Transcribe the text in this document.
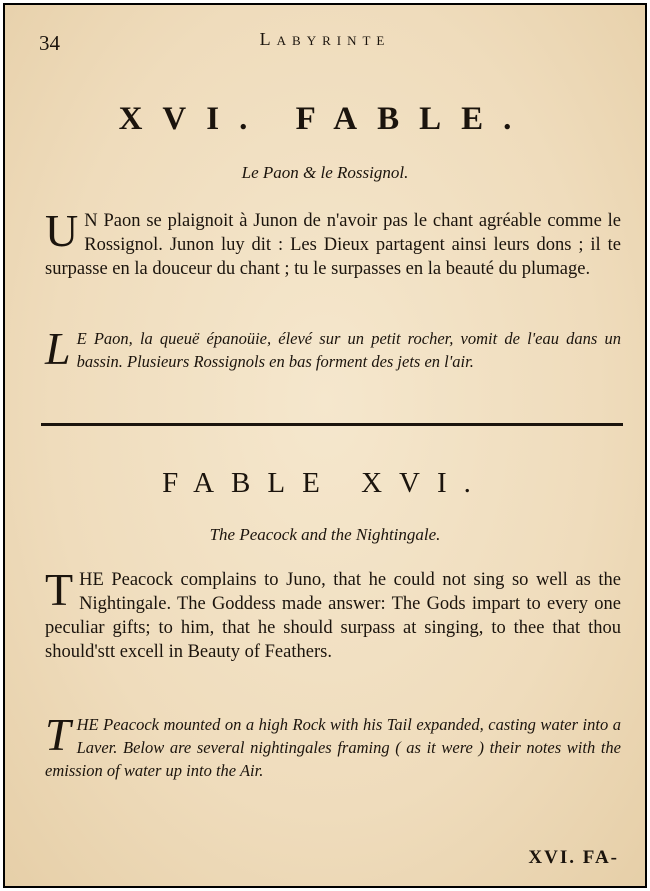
34	Labyrinte
XVI. FABLE.
Le Paon & le Rossignol.
U N Paon se plaignoit à Junon de n'avoir pas le chant agréable comme le Rossignol. Junon luy dit : Les Dieux partagent ainsi leurs dons ; il te surpasse en la douceur du chant ; tu le surpasses en la beauté du plumage.
L E Paon, la queuë épanoüie, élevé sur un petit rocher, vomit de l'eau dans un bassin. Plusieurs Rossignols en bas forment des jets en l'air.
FABLE XVI.
The Peacock and the Nightingale.
THE Peacock complains to Juno, that he could not sing so well as the Nightingale. The Goddess made answer: The Gods impart to every one peculiar gifts; to him, that he should surpass at singing, to thee that thou should'stt excell in Beauty of Feathers.
THE Peacock mounted on a high Rock with his Tail expanded, casting water into a Laver. Below are several nightingales framing ( as it were ) their notes with the emission of water up into the Air.
XVI. FA-
